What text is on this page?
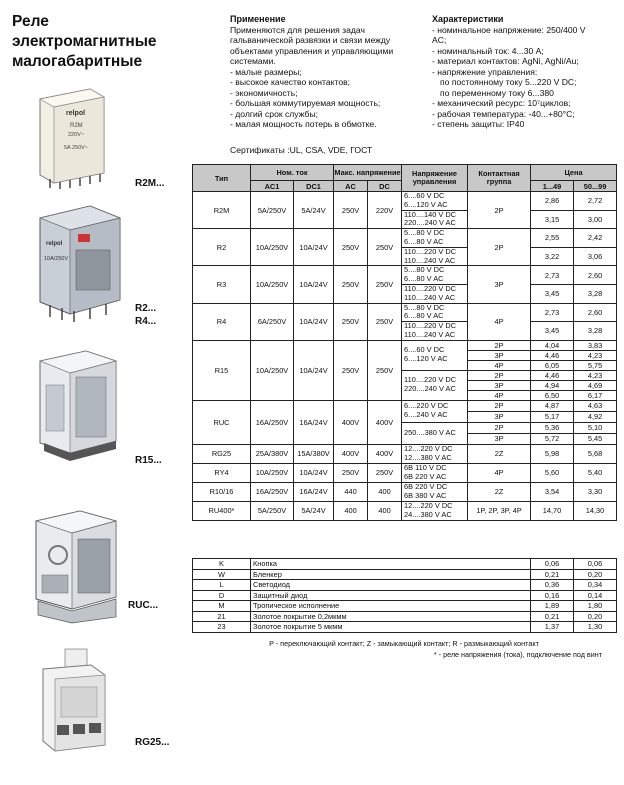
Реле
электромагнитные
малогабаритные
Применение

Применяются для решения задач

гальванической развязки и связи между

объектами управления и управляющими

системами.

- малые размеры;

- высокое качество контактов;

- экономичность;

- большая коммутируемая мощность;

- долгий срок службы;

- малая мощность потерь в обмотке.

Характеристики

- номинальное напряжение: 250/400 V

AC;

- номинальный ток: 4...30 А;

- материал контактов: AgNi, AgNi/Au;

- напряжение управления:

по постоянному току 5...220 V DC;

по переменному току 6...380

- механический ресурс: 10⁷циклов;

- рабочая температура: -40...+80°C;

- степень защиты: IP40

Сертификаты :UL, CSA, VDE, ГОСТ
relpol
R2M
220V~
5A 250V~
R2M...
relpol
10A/250V
R2...
R4...
R15...
RUC...
RG25...
Тип	Ном. ток		Макс. напряжение		Напряжение управления	Контактная группа	Цена	
	AC1	DC1	AC	DC			1...49	50...99
R2M	5A/250V	5A/24V	250V	220V	6....60 V DC
6....120 V AC	2P	2,86	2,72

					110....140 V DC
220....240 V AC		3,15	3,00
R2	10A/250V	10A/24V	250V	250V	5....80 V DC
6....80 V AC	2P	2,55	2,42

					110....220 V DC
110....240 V AC		3,22	3,06
R3	10A/250V	10A/24V	250V	250V	5....80 V DC
6....80 V AC	3P	2,73	2,60

					110....220 V DC
110....240 V AC		3,45	3,28
R4	6A/250V	10A/24V	250V	250V	5....80 V DC
6....80 V AC	4P	2,73	2,60

					110....220 V DC
110....240 V AC		3,45	3,28
R15	10A/250V	10A/24V	250V	250V	6....60 V DC
6....120 V AC	2P	4,04	3,83
						3P	4,46	4,23
						4P	6,05	5,75

					110....220 V DC
220....240 V AC	2P	4,46	4,23
						3P	4,94	4,69
						4P	6,50	6,17
RUC	16A/250V	16A/24V	400V	400V	6....220 V DC
6....240 V AC	2P	4,87	4,63
						3P	5,17	4,92
					250....380 V AC	2P	5,36	5,10
						3P	5,72	5,45
RG25	25A/380V	15A/380V	400V	400V	12....220 V DC
12....380 V AC	2Z	5,98	5,68
RY4	10A/250V	10A/24V	250V	250V	6B 110 V DC
6B 220 V AC	4P	5,60	5,40
R10/16	16A/250V	16A/24V	440	400	6B 220 V DC
6B 380 V AC	2Z	3,54	3,30
RU400*	5A/250V	5A/24V	400	400	12....220 V DC
24....380 V AC	1P, 2P, 3P, 4P	14,70	14,30
K	Кнопка	0,06	0,06
W	Бленкер	0,21	0,20
L	Светодиод	0,36	0,34
D	Защитный диод	0,16	0,14
M	Тропическое исполнение	1,89	1,80
21	Золотое покрытие 0,2мкмм	0,21	0,20
23	Золотое покрытие 5 мкмм	1,37	1,30
P - переключающий контакт; Z - замыкающий контакт; R - размыкающий контакт
* - реле напряжения (тока), подключение под винт
